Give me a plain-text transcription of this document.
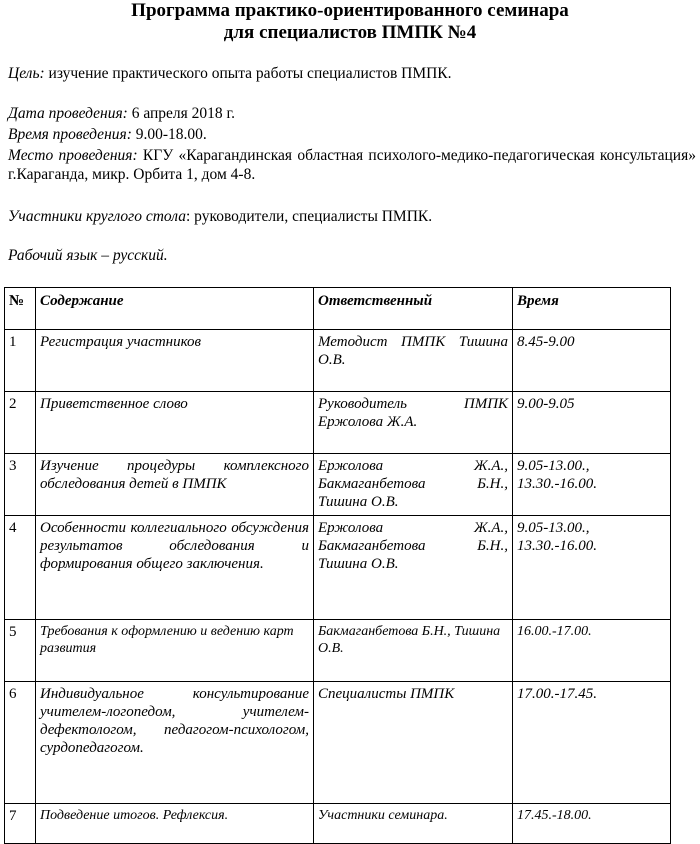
Программа практико-ориентированного семинара
для специалистов ПМПК №4
Цель: изучение практического опыта работы специалистов ПМПК.
Дата проведения: 6 апреля 2018 г.
Время проведения: 9.00-18.00.
Место проведения: КГУ «Карагандинская областная психолого-медико-педагогическая консультация» г.Караганда, микр. Орбита 1, дом 4-8.
Участники круглого стола: руководители, специалисты ПМПК.
Рабочий язык – русский.
№	Содержание	Ответственный	Время
1	Регистрация участников	Методист ПМПК Тишина О.В.	8.45-9.00
2	Приветственное слово	Руководитель ПМПК Ержолова Ж.А.	9.00-9.05
3	Изучение процедуры комплексного обследования детей в ПМПК	Ержолова Ж.А., Бакмаганбетова Б.Н., Тишина О.В.	9.05-13.00., 13.30.-16.00.
4	Особенности коллегиального обсуждения результатов обследования и формирования общего заключения.	Ержолова Ж.А., Бакмаганбетова Б.Н., Тишина О.В.	9.05-13.00., 13.30.-16.00.
5	Требования к оформлению и ведению карт развития	Бакмаганбетова Б.Н., Тишина О.В.	16.00.-17.00.
6	Индивидуальное консультирование учителем-логопедом, учителем-дефектологом, педагогом-психологом, сурдопедагогом.	Специалисты ПМПК	17.00.-17.45.
7	Подведение итогов. Рефлексия.	Участники семинара.	17.45.-18.00.
